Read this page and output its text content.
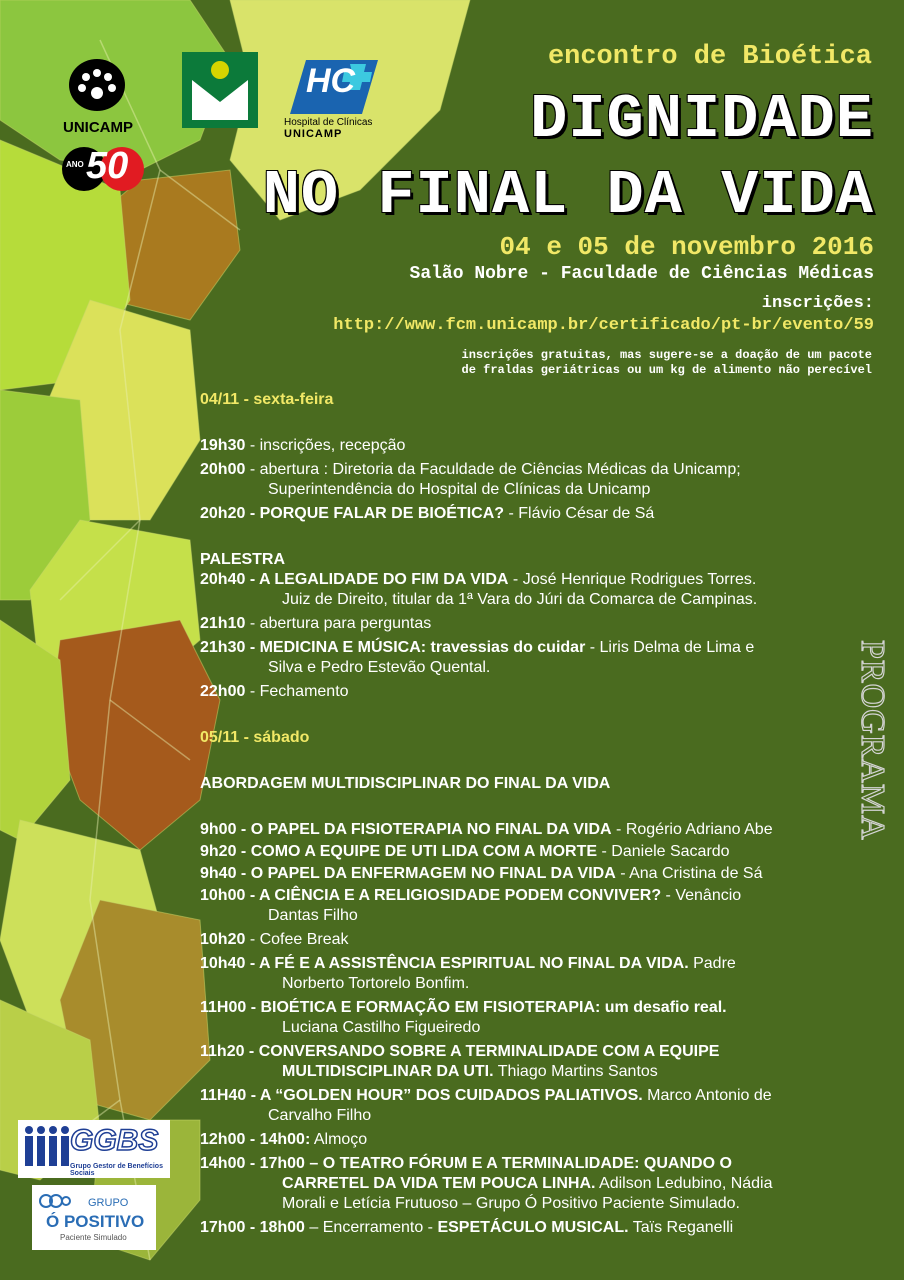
UNICAMP
ANO 50
HC
Hospital de Clínicas
UNICAMP
encontro de Bioética
DIGNIDADE
NO FINAL DA VIDA
04 e 05 de novembro 2016
Salão Nobre - Faculdade de Ciências Médicas
inscrições:
http://www.fcm.unicamp.br/certificado/pt-br/evento/59
inscrições gratuitas, mas sugere-se a doação de um pacote
de fraldas geriátricas ou um kg de alimento não perecível

04/11 - sexta-feira

19h30 - inscrições, recepção

20h00 - abertura : Diretoria da Faculdade de Ciências Médicas da Unicamp;

Superintendência do Hospital de Clínicas da Unicamp

20h20 - PORQUE FALAR DE BIOÉTICA? - Flávio César de Sá

PALESTRA

20h40 - A LEGALIDADE DO FIM DA VIDA - José Henrique Rodrigues Torres.

Juiz de Direito, titular da 1ª Vara do Júri da Comarca de Campinas.

21h10 - abertura para perguntas

21h30 - MEDICINA E MÚSICA: travessias do cuidar - Liris Delma de Lima e

Silva e Pedro Estevão Quental.

22h00 - Fechamento

05/11 - sábado

ABORDAGEM MULTIDISCIPLINAR DO FINAL DA VIDA

9h00 - O PAPEL DA FISIOTERAPIA NO FINAL DA VIDA - Rogério Adriano Abe

9h20 - COMO A EQUIPE DE UTI LIDA COM A MORTE - Daniele Sacardo

9h40 - O PAPEL DA ENFERMAGEM NO FINAL DA VIDA - Ana Cristina de Sá

10h00 - A CIÊNCIA E A RELIGIOSIDADE PODEM CONVIVER? - Venâncio

Dantas Filho

10h20 - Cofee Break

10h40 - A FÉ E A ASSISTÊNCIA ESPIRITUAL NO FINAL DA VIDA. Padre

Norberto Tortorelo Bonfim.

11H00 - BIOÉTICA E FORMAÇÃO EM FISIOTERAPIA: um desafio real.

Luciana Castilho Figueiredo

11h20 - CONVERSANDO SOBRE A TERMINALIDADE COM A EQUIPE

MULTIDISCIPLINAR DA UTI. Thiago Martins Santos

11H40 - A “GOLDEN HOUR” DOS CUIDADOS PALIATIVOS. Marco Antonio de

Carvalho Filho

12h00 - 14h00: Almoço

14h00 - 17h00 – O TEATRO FÓRUM E A TERMINALIDADE: QUANDO O

CARRETEL DA VIDA TEM POUCA LINHA. Adilson Ledubino, Nádia

Morali e Letícia Frutuoso – Grupo Ó Positivo Paciente Simulado.

17h00 - 18h00 – Encerramento - ESPETÁCULO MUSICAL. Taïs Reganelli

PROGRAMA
GGBS
Grupo Gestor de Benefícios Sociais
GRUPO
Ó POSITIVO
Paciente Simulado
